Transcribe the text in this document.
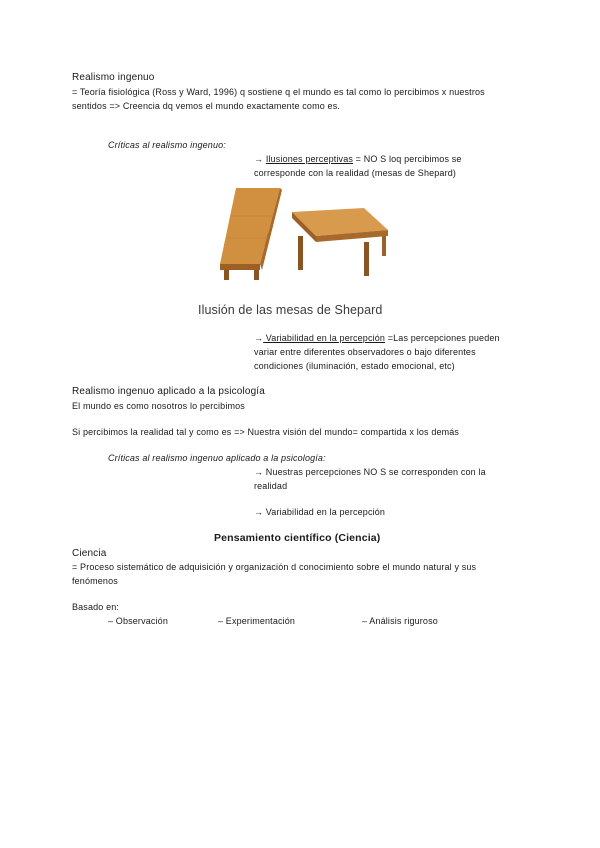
Realismo ingenuo
= Teoría fisiológica (Ross y Ward, 1996) q sostiene q el mundo es tal como lo percibimos x nuestros
sentidos => Creencia dq vemos el mundo exactamente como es.
Críticas al realismo ingenuo:
→ Ilusiones perceptivas = NO S loq percibimos se
corresponde con la realidad (mesas de Shepard)
Ilusión de las mesas de Shepard
→ Variabilidad en la percepción =Las percepciones pueden
variar entre diferentes observadores o bajo diferentes
condiciones (iluminación, estado emocional, etc)
Realismo ingenuo aplicado a la psicología
El mundo es como nosotros lo percibimos
Si percibimos la realidad tal y como es => Nuestra visión del mundo= compartida x los demás
Críticas al realismo ingenuo aplicado a la psicología:
→ Nuestras percepciones NO S se corresponden con la
realidad
→ Variabilidad en la percepción
Pensamiento científico (Ciencia)
Ciencia
= Proceso sistemático de adquisición y organización d conocimiento sobre el mundo natural y sus
fenómenos
Basado en:
– Observación	– Experimentación	– Análisis riguroso
